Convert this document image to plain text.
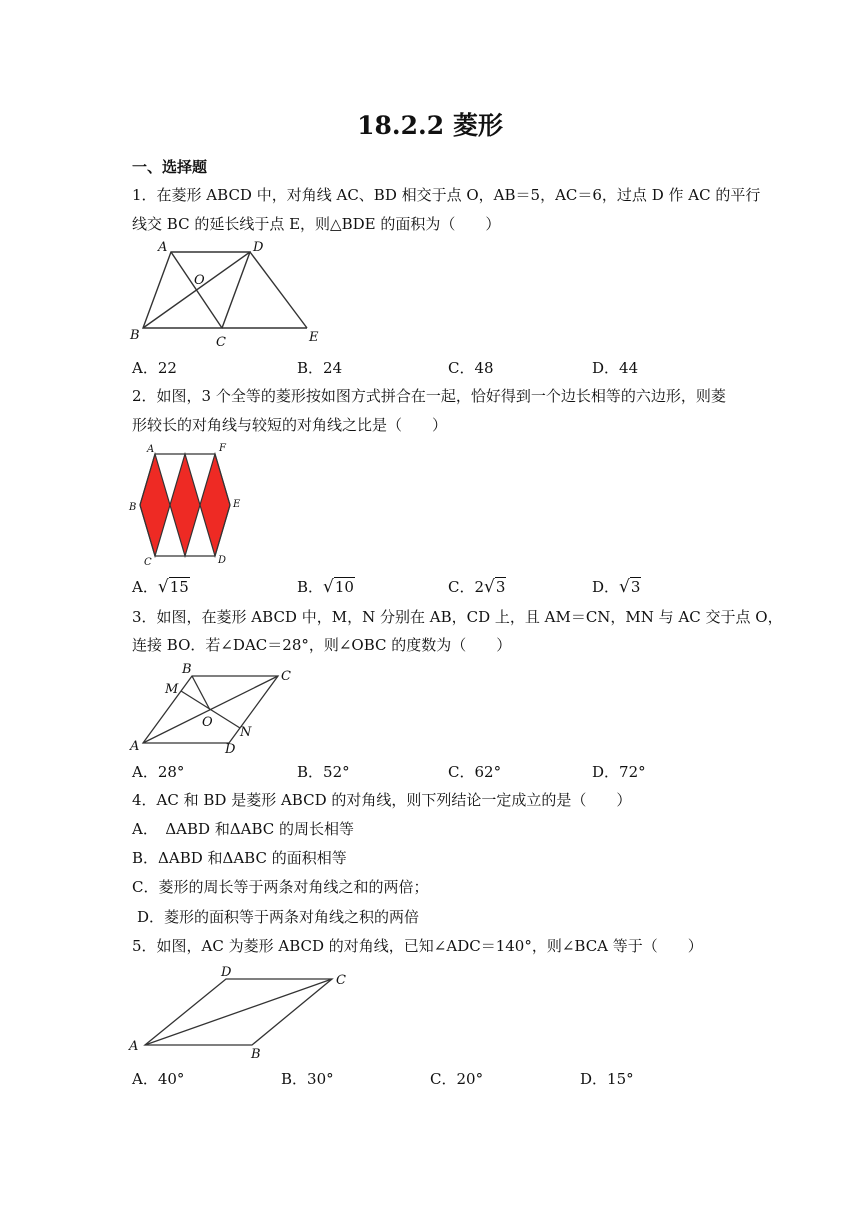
18.2.2 菱形
一、选择题
1．在菱形 ABCD 中，对角线 AC、BD 相交于点 O，AB＝5，AC＝6，过点 D 作 AC 的平行
线交 BC 的延长线于点 E，则△BDE 的面积为（　　）
A	D
O
B	C	E
A．22	B．24	C．48	D．44
2．如图，3 个全等的菱形按如图方式拼合在一起，恰好得到一个边长相等的六边形，则菱
形较长的对角线与较短的对角线之比是（　　）
A	F
B	E
C	D
A．√15	B．√10	C．2√3	D．√3
3．如图，在菱形 ABCD 中，M，N 分别在 AB，CD 上，且 AM＝CN，MN 与 AC 交于点 O，
连接 BO．若∠DAC＝28°，则∠OBC 的度数为（　　）
B	C
M
O
N
A	D
A．28°	B．52°	C．62°	D．72°
4．AC 和 BD 是菱形 ABCD 的对角线，则下列结论一定成立的是（　　）
A．　ΔABD 和ΔABC 的周长相等
B．ΔABD 和ΔABC 的面积相等
C．菱形的周长等于两条对角线之和的两倍；
D．菱形的面积等于两条对角线之积的两倍
5．如图，AC 为菱形 ABCD 的对角线，已知∠ADC＝140°，则∠BCA 等于（　　）
D
C
A
B
A．40°	B．30°	C．20°	D．15°
